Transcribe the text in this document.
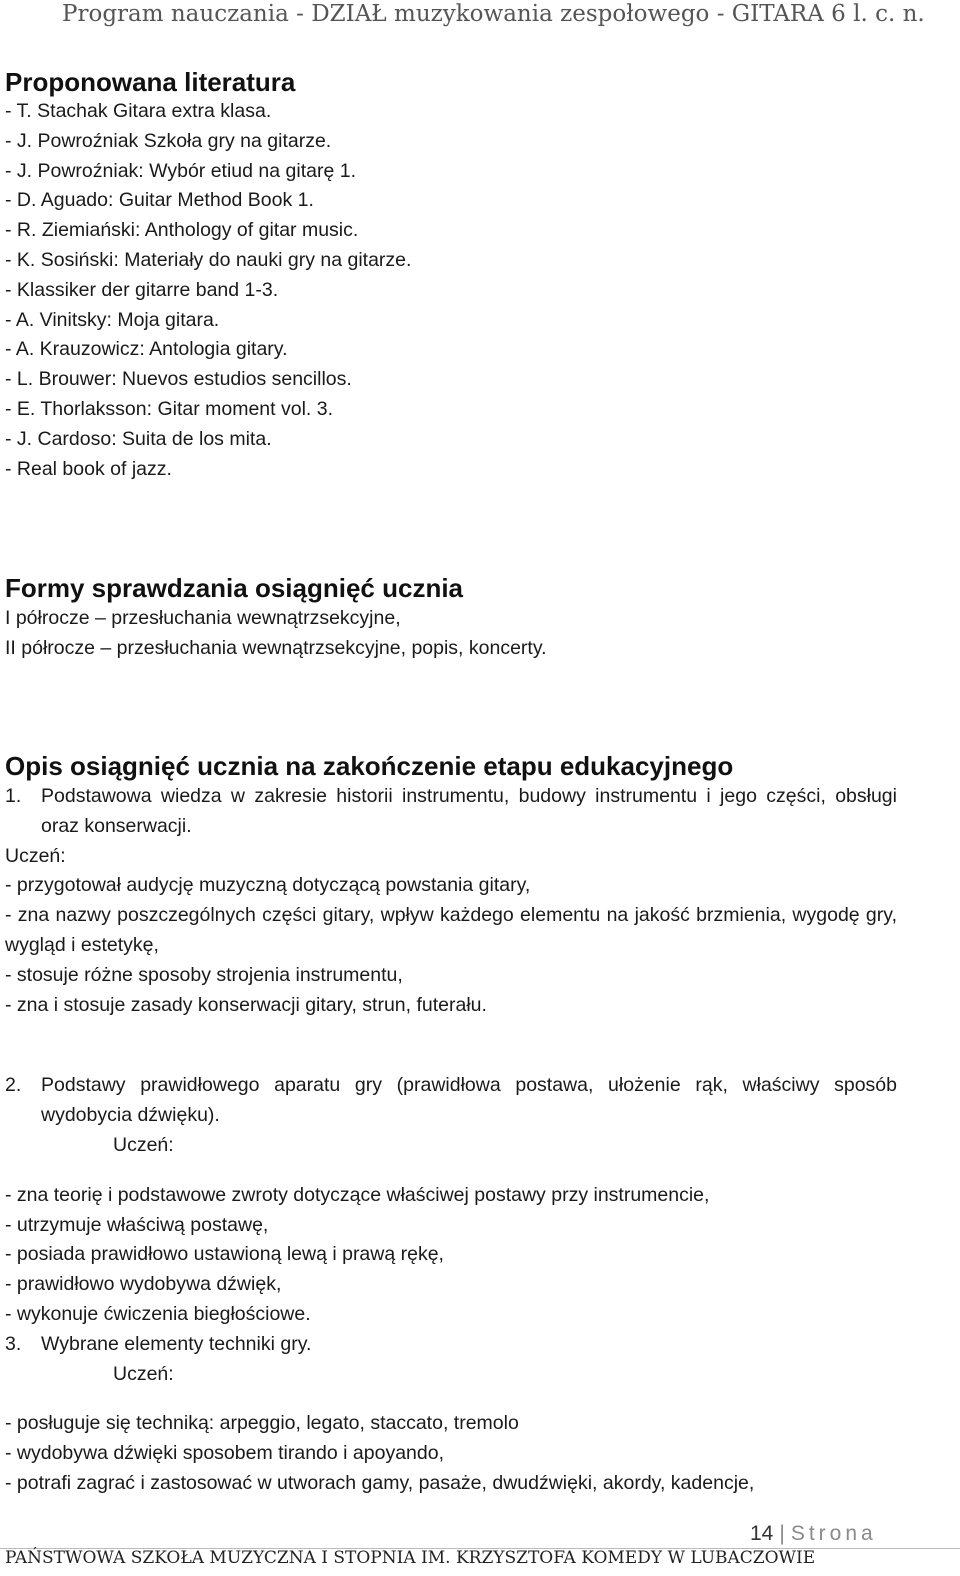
Program nauczania - DZIAŁ muzykowania zespołowego - GITARA 6 l. c. n.

Proponowana literatura

- T. Stachak Gitara extra klasa.

- J. Powroźniak Szkoła gry na gitarze.

- J. Powroźniak: Wybór etiud na gitarę 1.

- D. Aguado: Guitar Method Book 1.

- R. Ziemiański: Anthology of gitar music.

- K. Sosiński: Materiały do nauki gry na gitarze.

- Klassiker der gitarre band 1-3.

- A. Vinitsky: Moja gitara.

- A. Krauzowicz: Antologia gitary.

- L. Brouwer: Nuevos estudios sencillos.

- E. Thorlaksson: Gitar moment vol. 3.

- J. Cardoso: Suita de los mita.

- Real book of jazz.

Formy sprawdzania osiągnięć ucznia

I półrocze – przesłuchania wewnątrzsekcyjne,

II półrocze – przesłuchania wewnątrzsekcyjne, popis, koncerty.

Opis osiągnięć ucznia na zakończenie etapu edukacyjnego

1.	Podstawowa wiedza w zakresie historii instrumentu, budowy instrumentu i jego części, obsługi oraz konserwacji.

Uczeń:

- przygotował audycję muzyczną dotyczącą powstania gitary,

- zna nazwy poszczególnych części gitary, wpływ każdego elementu na jakość brzmienia, wygodę gry, wygląd i estetykę,

- stosuje różne sposoby strojenia instrumentu,

- zna i stosuje zasady konserwacji gitary, strun, futerału.

2.	Podstawy prawidłowego aparatu gry (prawidłowa postawa, ułożenie rąk, właściwy sposób wydobycia dźwięku).

Uczeń:

- zna teorię i podstawowe zwroty dotyczące właściwej postawy przy instrumencie,

- utrzymuje właściwą postawę,

- posiada prawidłowo ustawioną lewą i prawą rękę,

- prawidłowo wydobywa dźwięk,

- wykonuje ćwiczenia biegłościowe.

3.	Wybrane elementy techniki gry.

Uczeń:

- posługuje się techniką: arpeggio, legato, staccato, tremolo

- wydobywa dźwięki sposobem tirando i apoyando,

- potrafi zagrać i zastosować w utworach gamy, pasaże, dwudźwięki, akordy, kadencje,

14 | Strona
PAŃSTWOWA SZKOŁA MUZYCZNA I STOPNIA IM. KRZYSZTOFA KOMEDY W LUBACZOWIE
